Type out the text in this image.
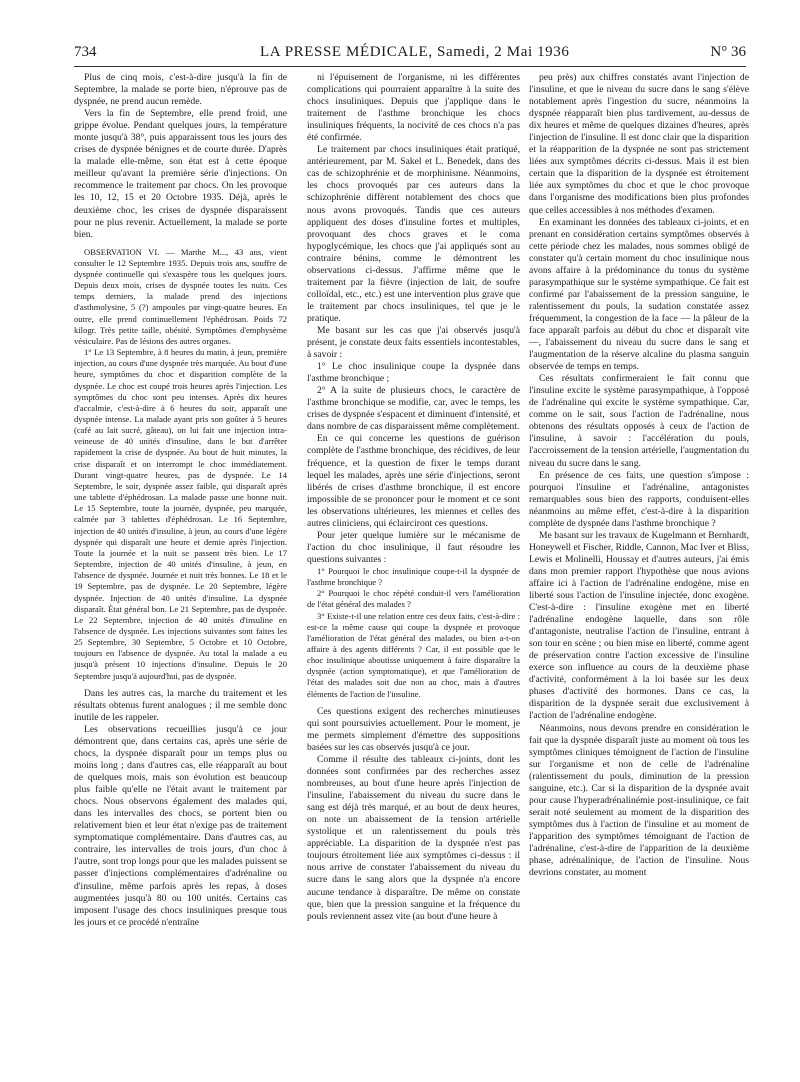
734	LA PRESSE MÉDICALE, Samedi, 2 Mai 1936	N° 36

Plus de cinq mois, c'est-à-dire jusqu'à la fin de Septembre, la malade se porte bien, n'éprouve pas de dyspnée, ne prend aucun remède.

Vers la fin de Septembre, elle prend froid, une grippe évolue. Pendant quelques jours, la température monte jusqu'à 38°, puis apparaissent tous les jours des crises de dyspnée bénignes et de courte durée. D'après la malade elle-même, son état est à cette époque meilleur qu'avant la première série d'injections. On recommence le traitement par chocs. On les provoque les 10, 12, 15 et 20 Octobre 1935. Déjà, après le deuxième choc, les crises de dyspnée disparaissent pour ne plus revenir. Actuellement, la malade se porte bien.

OBSERVATION VI. — Marthe M..., 43 ans, vient consulter le 12 Septembre 1935. Depuis trois ans, souffre de dyspnée continuelle qui s'exaspère tous les quelques jours. Depuis deux mois, crises de dyspnée toutes les nuits. Ces temps derniers, la malade prend des injections d'asthmolysine, 5 (?) ampoules par vingt-quatre heures. En outre, elle prend continuellement l'éphédrosan. Poids 72 kilogr. Très petite taille, obésité. Symptômes d'emphysème vésiculaire. Pas de lésions des autres organes.

1° Le 13 Septembre, à 8 heures du matin, à jeun, première injection, au cours d'une dyspnée très marquée. Au bout d'une heure, symptômes du choc et disparition complète de la dyspnée. Le choc est coupé trois heures après l'injection. Les symptômes du choc sont peu intenses. Après dix heures d'accalmie, c'est-à-dire à 6 heures du soir, apparaît une dyspnée intense. La malade ayant pris son goûter à 5 heures (café au lait sucré, gâteau), on lui fait une injection intra-veineuse de 40 unités d'insuline, dans le but d'arrêter rapidement la crise de dyspnée. Au bout de huit minutes, la crise disparaît et on interrompt le choc immédiatement. Durant vingt-quatre heures, pas de dyspnée. Le 14 Septembre, le soir, dyspnée assez faible, qui disparaît après une tablette d'éphédrosan. La malade passe une bonne nuit. Le 15 Septembre, toute la journée, dyspnée, peu marquée, calmée par 3 tablettes d'éphédrosan. Le 16 Septembre, injection de 40 unités d'insuline, à jeun, au cours d'une légère dyspnée qui disparaît une heure et demie après l'injection. Toute la journée et la nuit se passent très bien. Le 17 Septembre, injection de 40 unités d'insuline, à jeun, en l'absence de dyspnée. Journée et nuit très bonnes. Le 18 et le 19 Septembre, pas de dyspnée. Le 20 Septembre, légère dyspnée. Injection de 40 unités d'insuline. La dyspnée disparaît. État général bon. Le 21 Septembre, pas de dyspnée. Le 22 Septembre, injection de 40 unités d'insuline en l'absence de dyspnée. Les injections suivantes sont faites les 25 Septembre, 30 Septembre, 5 Octobre et 10 Octobre, toujours en l'absence de dyspnée. Au total la malade a eu jusqu'à présent 10 injections d'insuline. Depuis le 20 Septembre jusqu'à aujourd'hui, pas de dyspnée.

Dans les autres cas, la marche du traitement et les résultats obtenus furent analogues ; il me semble donc inutile de les rappeler.

Les observations recueillies jusqu'à ce jour démontrent que, dans certains cas, après une série de chocs, la dyspnée disparaît pour un temps plus ou moins long ; dans d'autres cas, elle réapparaît au bout de quelques mois, mais son évolution est beaucoup plus faible qu'elle ne l'était avant le traitement par chocs. Nous observons également des malades qui, dans les intervalles des chocs, se portent bien ou relativement bien et leur état n'exige pas de traitement symptomatique complémentaire. Dans d'autres cas, au contraire, les intervalles de trois jours, d'un choc à l'autre, sont trop longs pour que les malades puissent se passer d'injections complémentaires d'adrénaline ou d'insuline, même parfois après les repas, à doses augmentées jusqu'à 80 ou 100 unités. Certains cas imposent l'usage des chocs insuliniques presque tous les jours et ce procédé n'entraîne

ni l'épuisement de l'organisme, ni les différentes complications qui pourraient apparaître à la suite des chocs insuliniques. Depuis que j'applique dans le traitement de l'asthme bronchique les chocs insuliniques fréquents, la nocivité de ces chocs n'a pas été confirmée.

Le traitement par chocs insuliniques était pratiqué, antérieurement, par M. Sakel et L. Benedek, dans des cas de schizophrénie et de morphinisme. Néanmoins, les chocs provoqués par ces auteurs dans la schizophrénie diffèrent notablement des chocs que nous avons provoqués. Tandis que ces auteurs appliquent des doses d'insuline fortes et multiples, provoquant des chocs graves et le coma hypoglycémique, les chocs que j'ai appliqués sont au contraire bénins, comme le démontrent les observations ci-dessus. J'affirme même que le traitement par la fièvre (injection de lait, de soufre colloïdal, etc., etc.) est une intervention plus grave que le traitement par chocs insuliniques, tel que je le pratique.

Me basant sur les cas que j'ai observés jusqu'à présent, je constate deux faits essentiels incontestables, à savoir :

1° Le choc insulinique coupe la dyspnée dans l'asthme bronchique ;

2° A la suite de plusieurs chocs, le caractère de l'asthme bronchique se modifie, car, avec le temps, les crises de dyspnée s'espacent et diminuent d'intensité, et dans nombre de cas disparaissent même complètement.

En ce qui concerne les questions de guérison complète de l'asthme bronchique, des récidives, de leur fréquence, et la question de fixer le temps durant lequel les malades, après une série d'injections, seront libérés de crises d'asthme bronchique, il est encore impossible de se prononcer pour le moment et ce sont les observations ultérieures, les miennes et celles des autres cliniciens, qui éclairciront ces questions.

Pour jeter quelque lumière sur le mécanisme de l'action du choc insulinique, il faut résoudre les questions suivantes :

1° Pourquoi le choc insulinique coupe-t-il la dyspnée de l'asthme bronchique ?

2° Pourquoi le choc répété conduit-il vers l'amélioration de l'état général des malades ?

3° Existe-t-il une relation entre ces deux faits, c'est-à-dire : est-ce la même cause qui coupe la dyspnée et provoque l'amélioration de l'état général des malades, ou bien a-t-on affaire à des agents différents ? Car, il est possible que le choc insulinique aboutisse uniquement à faire disparaître la dyspnée (action symptomatique), et que l'amélioration de l'état des malades soit due non au choc, mais à d'autres éléments de l'action de l'insuline.

Ces questions exigent des recherches minutieuses qui sont poursuivies actuellement. Pour le moment, je me permets simplement d'émettre des suppositions basées sur les cas observés jusqu'à ce jour.

Comme il résulte des tableaux ci-joints, dont les données sont confirmées par des recherches assez nombreuses, au bout d'une heure après l'injection de l'insuline, l'abaissement du niveau du sucre dans le sang est déjà très marqué, et au bout de deux heures, on note un abaissement de la tension artérielle systolique et un ralentissement du pouls très appréciable. La disparition de la dyspnée n'est pas toujours étroitement liée aux symptômes ci-dessus : il nous arrive de constater l'abaissement du niveau du sucre dans le sang alors que la dyspnée n'a encore aucune tendance à disparaître. De même on constate que, bien que la pression sanguine et la fréquence du pouls reviennent assez vite (au bout d'une heure à

peu près) aux chiffres constatés avant l'injection de l'insuline, et que le niveau du sucre dans le sang s'élève notablement après l'ingestion du sucre, néanmoins la dyspnée réapparaît bien plus tardivement, au-dessus de dix heures et même de quelques dizaines d'heures, après l'injection de l'insuline. Il est donc clair que la disparition et la réapparition de la dyspnée ne sont pas strictement liées aux symptômes décrits ci-dessus. Mais il est bien certain que la disparition de la dyspnée est étroitement liée aux symptômes du choc et que le choc provoque dans l'organisme des modifications bien plus profondes que celles accessibles à nos méthodes d'examen.

En examinant les données des tableaux ci-joints, et en prenant en considération certains symptômes observés à cette période chez les malades, nous sommes obligé de constater qu'à certain moment du choc insulinique nous avons affaire à la prédominance du tonus du système parasympathique sur le système sympathique. Ce fait est confirmé par l'abaissement de la pression sanguine, le ralentissement du pouls, la sudation constatée assez fréquemment, la congestion de la face — la pâleur de la face apparaît parfois au début du choc et disparaît vite —, l'abaissement du niveau du sucre dans le sang et l'augmentation de la réserve alcaline du plasma sanguin observée de temps en temps.

Ces résultats confirmeraient le fait connu que l'insuline excite le système parasympathique, à l'opposé de l'adrénaline qui excite le système sympathique. Car, comme on le sait, sous l'action de l'adrénaline, nous obtenons des résultats opposés à ceux de l'action de l'insuline, à savoir : l'accélération du pouls, l'accroissement de la tension artérielle, l'augmentation du niveau du sucre dans le sang.

En présence de ces faits, une question s'impose : pourquoi l'insuline et l'adrénaline, antagonistes remarquables sous bien des rapports, conduisent-elles néanmoins au même effet, c'est-à-dire à la disparition complète de dyspnée dans l'asthme bronchique ?

Me basant sur les travaux de Kugelmann et Bernhardt, Honeywell et Fischer, Riddle, Cannon, Mac Iver et Bliss, Lewis et Molinelli, Houssay et d'autres auteurs, j'ai émis dans mon premier rapport l'hypothèse que nous avions affaire ici à l'action de l'adrénaline endogène, mise en liberté sous l'action de l'insuline injectée, donc exogène. C'est-à-dire : l'insuline exogène met en liberté l'adrénaline endogène laquelle, dans son rôle d'antagoniste, neutralise l'action de l'insuline, entrant à son tour en scène ; ou bien mise en liberté, comme agent de préservation contre l'action excessive de l'insuline exerce son influence au cours de la deuxième phase d'activité, conformément à la loi basée sur les deux phases d'activité des hormones. Dans ce cas, la disparition de la dyspnée serait due exclusivement à l'action de l'adrénaline endogène.

Néanmoins, nous devons prendre en considération le fait que la dyspnée disparaît juste au moment où tous les symptômes cliniques témoignent de l'action de l'insuline sur l'organisme et non de celle de l'adrénaline (ralentissement du pouls, diminution de la pression sanguine, etc.). Car si la disparition de la dyspnée avait pour cause l'hyperadrénalinémie post-insulinique, ce fait serait noté seulement au moment de la disparition des symptômes dus à l'action de l'insuline et au moment de l'apparition des symptômes témoignant de l'action de l'adrénaline, c'est-à-dire de l'apparition de la deuxième phase, adrénalinique, de l'action de l'insuline. Nous devrions constater, au moment
